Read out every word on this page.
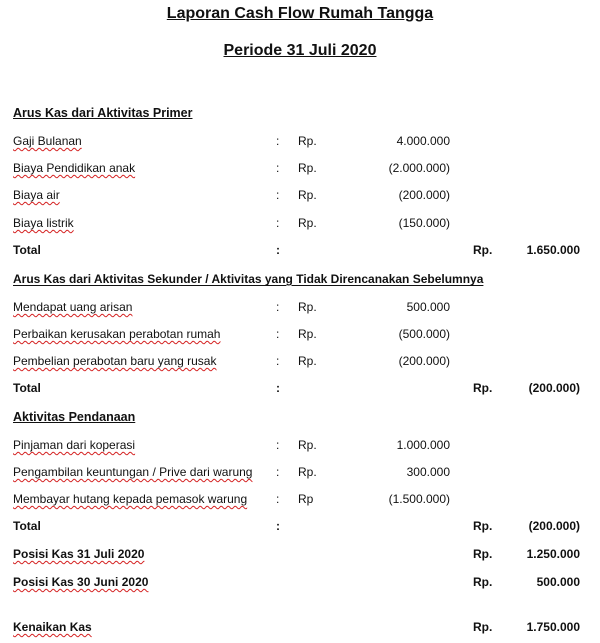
Laporan Cash Flow Rumah Tangga
Periode 31 Juli 2020
Arus Kas dari Aktivitas Primer
Gaji Bulanan	: Rp.	4.000.000
Biaya Pendidikan anak	: Rp.	(2.000.000)
Biaya air	: Rp.	(200.000)
Biaya listrik	: Rp.	(150.000)
Total	:	Rp.	1.650.000
Arus Kas dari Aktivitas Sekunder / Aktivitas yang Tidak Direncanakan Sebelumnya
Mendapat uang arisan	: Rp.	500.000
Perbaikan kerusakan perabotan rumah	: Rp.	(500.000)
Pembelian perabotan baru yang rusak	: Rp.	(200.000)
Total	:	Rp.	(200.000)
Aktivitas Pendanaan
Pinjaman dari koperasi	: Rp.	1.000.000
Pengambilan keuntungan / Prive dari warung : Rp.	300.000
Membayar hutang kepada pemasok warung : Rp	(1.500.000)
Total	:	Rp.	(200.000)
Posisi Kas 31 Juli 2020	Rp.	1.250.000
Posisi Kas 30 Juni 2020	Rp.	500.000
Kenaikan Kas	Rp.	1.750.000
